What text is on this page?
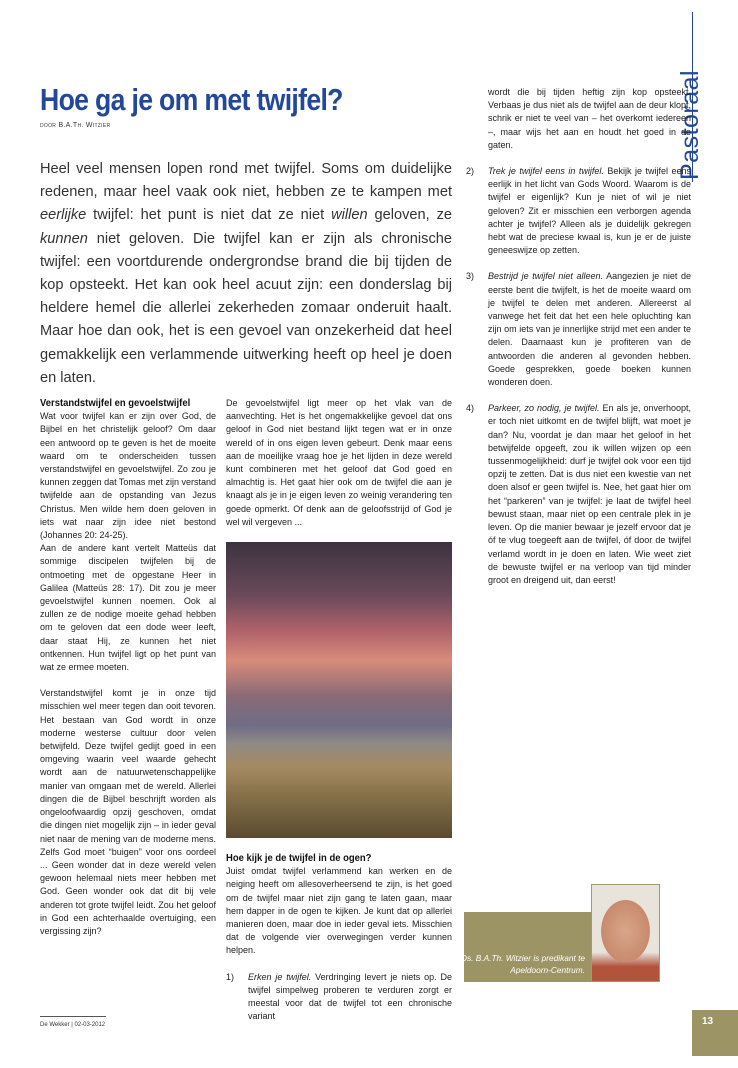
Pastoraal
Hoe ga je om met twijfel?
door B.A.Th. Witzier
Heel veel mensen lopen rond met twijfel. Soms om duidelijke redenen, maar heel vaak ook niet, hebben ze te kampen met eerlijke twijfel: het punt is niet dat ze niet willen geloven, ze kunnen niet geloven. Die twijfel kan er zijn als chronische twijfel: een voortdurende ondergrondse brand die bij tijden de kop opsteekt. Het kan ook heel acuut zijn: een donderslag bij heldere hemel die allerlei zekerheden zomaar onderuit haalt. Maar hoe dan ook, het is een gevoel van onzekerheid dat heel gemakkelijk een verlammende uitwerking heeft op heel je doen en laten.
Verstandstwijfel en gevoelstwijfel

Wat voor twijfel kan er zijn over God, de Bijbel en het christelijk geloof? Om daar een antwoord op te geven is het de moeite waard om te onderscheiden tussen verstandstwijfel en gevoelstwijfel. Zo zou je kunnen zeggen dat Tomas met zijn verstand twijfelde aan de opstanding van Jezus Christus. Men wilde hem doen geloven in iets wat naar zijn idee niet bestond (Johannes 20: 24-25).

Aan de andere kant vertelt Matteüs dat sommige discipelen twijfelen bij de ontmoeting met de opgestane Heer in Galilea (Matteüs 28: 17). Dit zou je meer gevoelstwijfel kunnen noemen. Ook al zullen ze de nodige moeite gehad hebben om te geloven dat een dode weer leeft, daar staat Hij, ze kunnen het niet ontkennen. Hun twijfel ligt op het punt van wat ze ermee moeten.

Verstandstwijfel komt je in onze tijd misschien wel meer tegen dan ooit tevoren. Het bestaan van God wordt in onze moderne westerse cultuur door velen betwijfeld. Deze twijfel gedijt goed in een omgeving waarin veel waarde gehecht wordt aan de natuurwetenschappelijke manier van omgaan met de wereld. Allerlei dingen die de Bijbel beschrijft worden als ongeloofwaardig opzij geschoven, omdat die dingen niet mogelijk zijn – in ieder geval niet naar de mening van de moderne mens. Zelfs God moet “buigen” voor ons oordeel ... Geen wonder dat in deze wereld velen gewoon helemaal niets meer hebben met God. Geen wonder ook dat dit bij vele anderen tot grote twijfel leidt. Zou het geloof in God een achterhaalde overtuiging, een vergissing zijn?

De gevoelstwijfel ligt meer op het vlak van de aanvechting. Het is het ongemakkelijke gevoel dat ons geloof in God niet bestand lijkt tegen wat er in onze wereld of in ons eigen leven gebeurt. Denk maar eens aan de moeilijke vraag hoe je het lijden in deze wereld kunt combineren met het geloof dat God goed en almachtig is. Het gaat hier ook om de twijfel die aan je knaagt als je in je eigen leven zo weinig verandering ten goede opmerkt. Of denk aan de geloofsstrijd of God je wel wil vergeven ...

Hoe kijk je de twijfel in de ogen?

Juist omdat twijfel verlammend kan werken en de neiging heeft om allesoverheersend te zijn, is het goed om de twijfel maar niet zijn gang te laten gaan, maar hem dapper in de ogen te kijken. Je kunt dat op allerlei manieren doen, maar doe in ieder geval iets. Misschien dat de volgende vier overwegingen verder kunnen helpen.

1)	Erken je twijfel. Verdringing levert je niets op. De twijfel simpelweg proberen te verduren zorgt er meestal voor dat de twijfel tot een chronische variant

wordt die bij tijden heftig zijn kop opsteekt. Verbaas je dus niet als de twijfel aan de deur klopt, schrik er niet te veel van – het overkomt iedereen –, maar wijs het aan en houdt het goed in de gaten.

2)	Trek je twijfel eens in twijfel. Bekijk je twijfel eens eerlijk in het licht van Gods Woord. Waarom is de twijfel er eigenlijk? Kun je niet of wil je niet geloven? Zit er misschien een verborgen agenda achter je twijfel? Alleen als je duidelijk gekregen hebt wat de preciese kwaal is, kun je er de juiste geneeswijze op zetten.
3)	Bestrijd je twijfel niet alleen. Aangezien je niet de eerste bent die twijfelt, is het de moeite waard om je twijfel te delen met anderen. Allereerst al vanwege het feit dat het een hele opluchting kan zijn om iets van je innerlijke strijd met een ander te delen. Daarnaast kun je profiteren van de antwoorden die anderen al gevonden hebben. Goede gesprekken, goede boeken kunnen wonderen doen.
4)	Parkeer, zo nodig, je twijfel. En als je, onverhoopt, er toch niet uitkomt en de twijfel blijft, wat moet je dan? Nu, voordat je dan maar het geloof in het betwijfelde opgeeft, zou ik willen wijzen op een tussenmogelijkheid: durf je twijfel ook voor een tijd opzij te zetten. Dat is dus niet een kwestie van net doen alsof er geen twijfel is. Nee, het gaat hier om het “parkeren” van je twijfel: je laat de twijfel heel bewust staan, maar niet op een centrale plek in je leven. Op die manier bewaar je jezelf ervoor dat je óf te vlug toegeeft aan de twijfel, óf door de twijfel verlamd wordt in je doen en laten. Wie weet ziet de bewuste twijfel er na verloop van tijd minder groot en dreigend uit, dan eerst!
Ds. B.A.Th. Witzier is predikant te Apeldoorn-Centrum.
De Wekker | 02-03-2012	13
